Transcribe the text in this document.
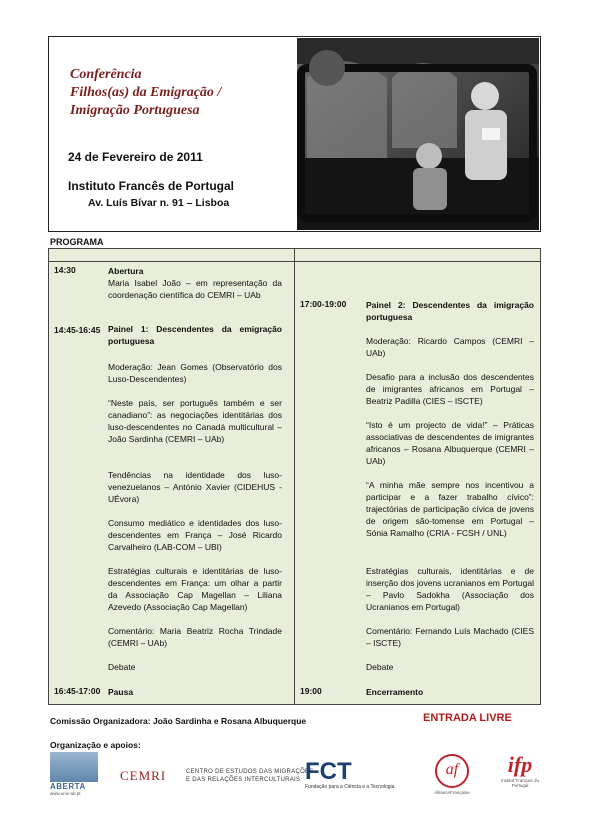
Conferência
Filhos(as) da Emigração /
Imigração Portuguesa
24 de Fevereiro de 2011
Instituto Francês de Portugal
Av. Luís Bívar n. 91 – Lisboa
PROGRAMA
14:30	Abertura
Maria Isabel João – em representação da coordenação científica do CEMRI – UAb
14:45-16:45 Painel 1: Descendentes da emigração portuguesa
Moderação: Jean Gomes (Observatório dos Luso-Descendentes)
“Neste país, ser português também e ser canadiano”: as negociações identitárias dos luso-descendentes no Canadá multicultural – João Sardinha (CEMRI – UAb)
Tendências na identidade dos luso-venezuelanos – António Xavier (CIDEHUS - UÉvora)
Consumo mediático e identidades dos luso-descendentes em França – José Ricardo Carvalheiro (LAB-COM – UBI)
Estratégias culturais e identitárias de luso-descendentes em França: um olhar a partir da Associação Cap Magellan – Liliana Azevedo (Associação Cap Magellan)
Comentário: Maria Beatriz Rocha Trindade (CEMRI – UAb)
Debate
16:45-17:00 Pausa
17:00-19:00 Painel 2: Descendentes da imigração portuguesa
Moderação: Ricardo Campos (CEMRI – UAb)
Desafio para a inclusão dos descendentes de imigrantes africanos em Portugal – Beatriz Padilla (CIES – ISCTE)
“Isto é um projecto de vida!” – Práticas associativas de descendentes de imigrantes africanos – Rosana Albuquerque (CEMRI – UAb)
“A minha mãe sempre nos incentivou a participar e a fazer trabalho cívico”: trajectórias de participação cívica de jovens de origem são-tomense em Portugal – Sónia Ramalho (CRIA - FCSH / UNL)
Estratégias culturais, identitárias e de inserção dos jovens ucranianos em Portugal – Pavlo Sadokha (Associação dos Ucranianos em Portugal)
Comentário: Fernando Luís Machado (CIES – ISCTE)
Debate
19:00	Encerramento
Comissão Organizadora: João Sardinha e Rosana Albuquerque	ENTRADA LIVRE
Organização e apoios:
ABERTA
www.univ-ab.pt
CEMRI	CENTRO DE ESTUDOS DAS MIGRAÇÕES
E DAS RELAÇÕES INTERCULTURAIS FCT
Fundação para a Ciência e a Tecnologia
af
AllianceFrançaise
ifp
Institut Français du Portugal
